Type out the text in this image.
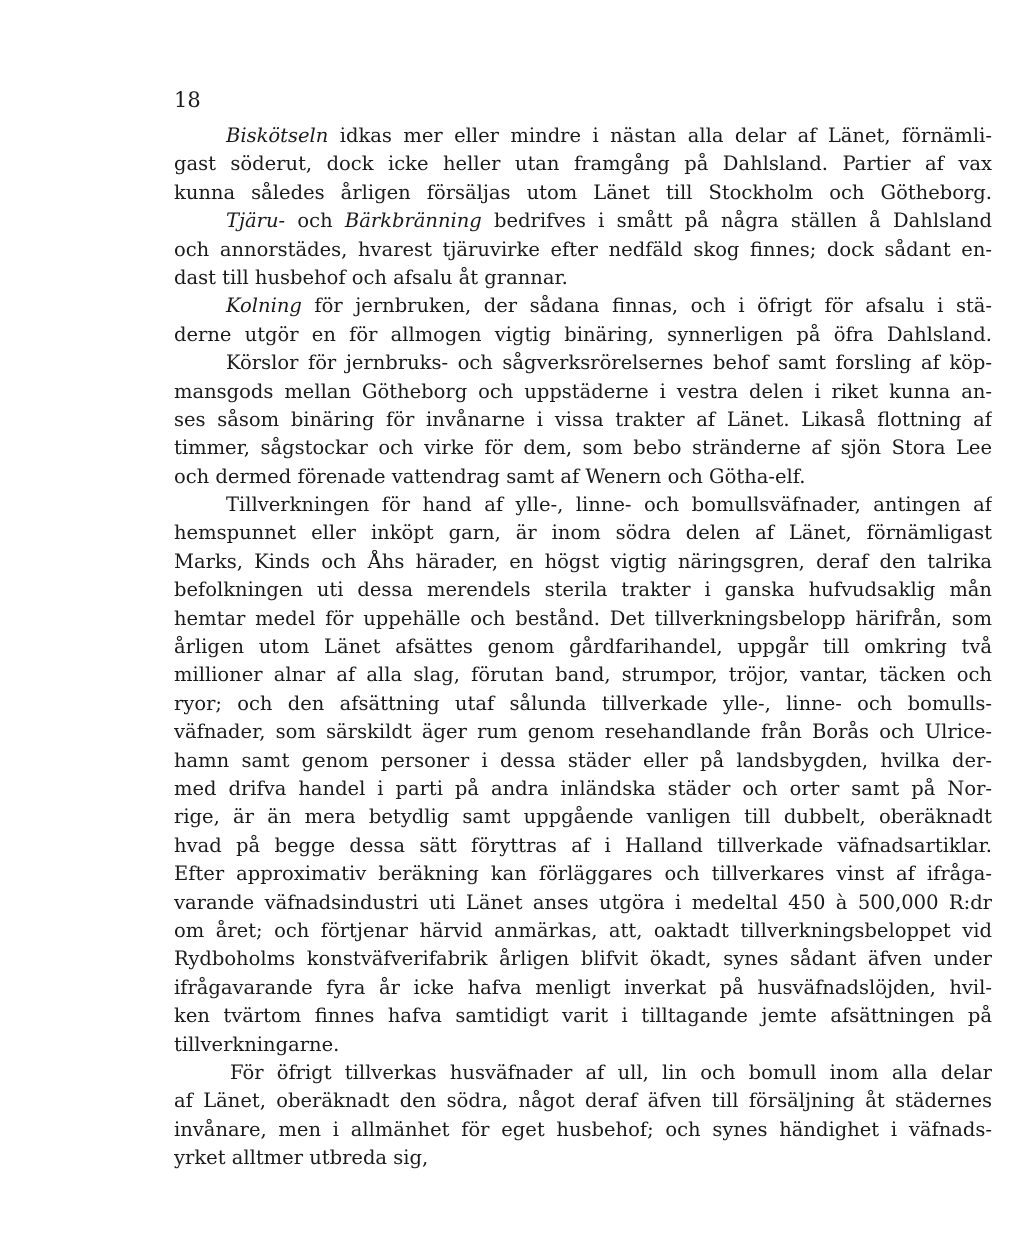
18
Biskötseln idkas mer eller mindre i nästan alla delar af Länet, förnämli-
gast söderut, dock icke heller utan framgång på Dahlsland. Partier af vax
kunna således årligen försäljas utom Länet till Stockholm och Götheborg.
Tjäru- och Bärkbränning bedrifves i smått på några ställen å Dahlsland
och annorstädes, hvarest tjäruvirke efter nedfäld skog finnes; dock sådant en-
dast till husbehof och afsalu åt grannar.
Kolning för jernbruken, der sådana finnas, och i öfrigt för afsalu i stä-
derne utgör en för allmogen vigtig binäring, synnerligen på öfra Dahlsland.
Körslor för jernbruks- och sågverksrörelsernes behof samt forsling af köp-
mansgods mellan Götheborg och uppstäderne i vestra delen i riket kunna an-
ses såsom binäring för invånarne i vissa trakter af Länet. Likaså flottning af
timmer, sågstockar och virke för dem, som bebo stränderne af sjön Stora Lee
och dermed förenade vattendrag samt af Wenern och Götha-elf.
Tillverkningen för hand af ylle-, linne- och bomullsväfnader, antingen af
hemspunnet eller inköpt garn, är inom södra delen af Länet, förnämligast
Marks, Kinds och Åhs härader, en högst vigtig näringsgren, deraf den talrika
befolkningen uti dessa merendels sterila trakter i ganska hufvudsaklig mån
hemtar medel för uppehälle och bestånd. Det tillverkningsbelopp härifrån, som
årligen utom Länet afsättes genom gårdfarihandel, uppgår till omkring två
millioner alnar af alla slag, förutan band, strumpor, tröjor, vantar, täcken och
ryor; och den afsättning utaf sålunda tillverkade ylle-, linne- och bomulls-
väfnader, som särskildt äger rum genom resehandlande från Borås och Ulrice-
hamn samt genom personer i dessa städer eller på landsbygden, hvilka der-
med drifva handel i parti på andra inländska städer och orter samt på Nor-
rige, är än mera betydlig samt uppgående vanligen till dubbelt, oberäknadt
hvad på begge dessa sätt föryttras af i Halland tillverkade väfnadsartiklar.
Efter approximativ beräkning kan förläggares och tillverkares vinst af ifråga-
varande väfnadsindustri uti Länet anses utgöra i medeltal 450 à 500,000 R:dr
om året; och förtjenar härvid anmärkas, att, oaktadt tillverkningsbeloppet vid
Rydboholms konstväfverifabrik årligen blifvit ökadt, synes sådant äfven under
ifrågavarande fyra år icke hafva menligt inverkat på husväfnadslöjden, hvil-
ken tvärtom finnes hafva samtidigt varit i tilltagande jemte afsättningen på
tillverkningarne.
För öfrigt tillverkas husväfnader af ull, lin och bomull inom alla delar
af Länet, oberäknadt den södra, något deraf äfven till försäljning åt städernes
invånare, men i allmänhet för eget husbehof; och synes händighet i väfnads-
yrket alltmer utbreda sig,
